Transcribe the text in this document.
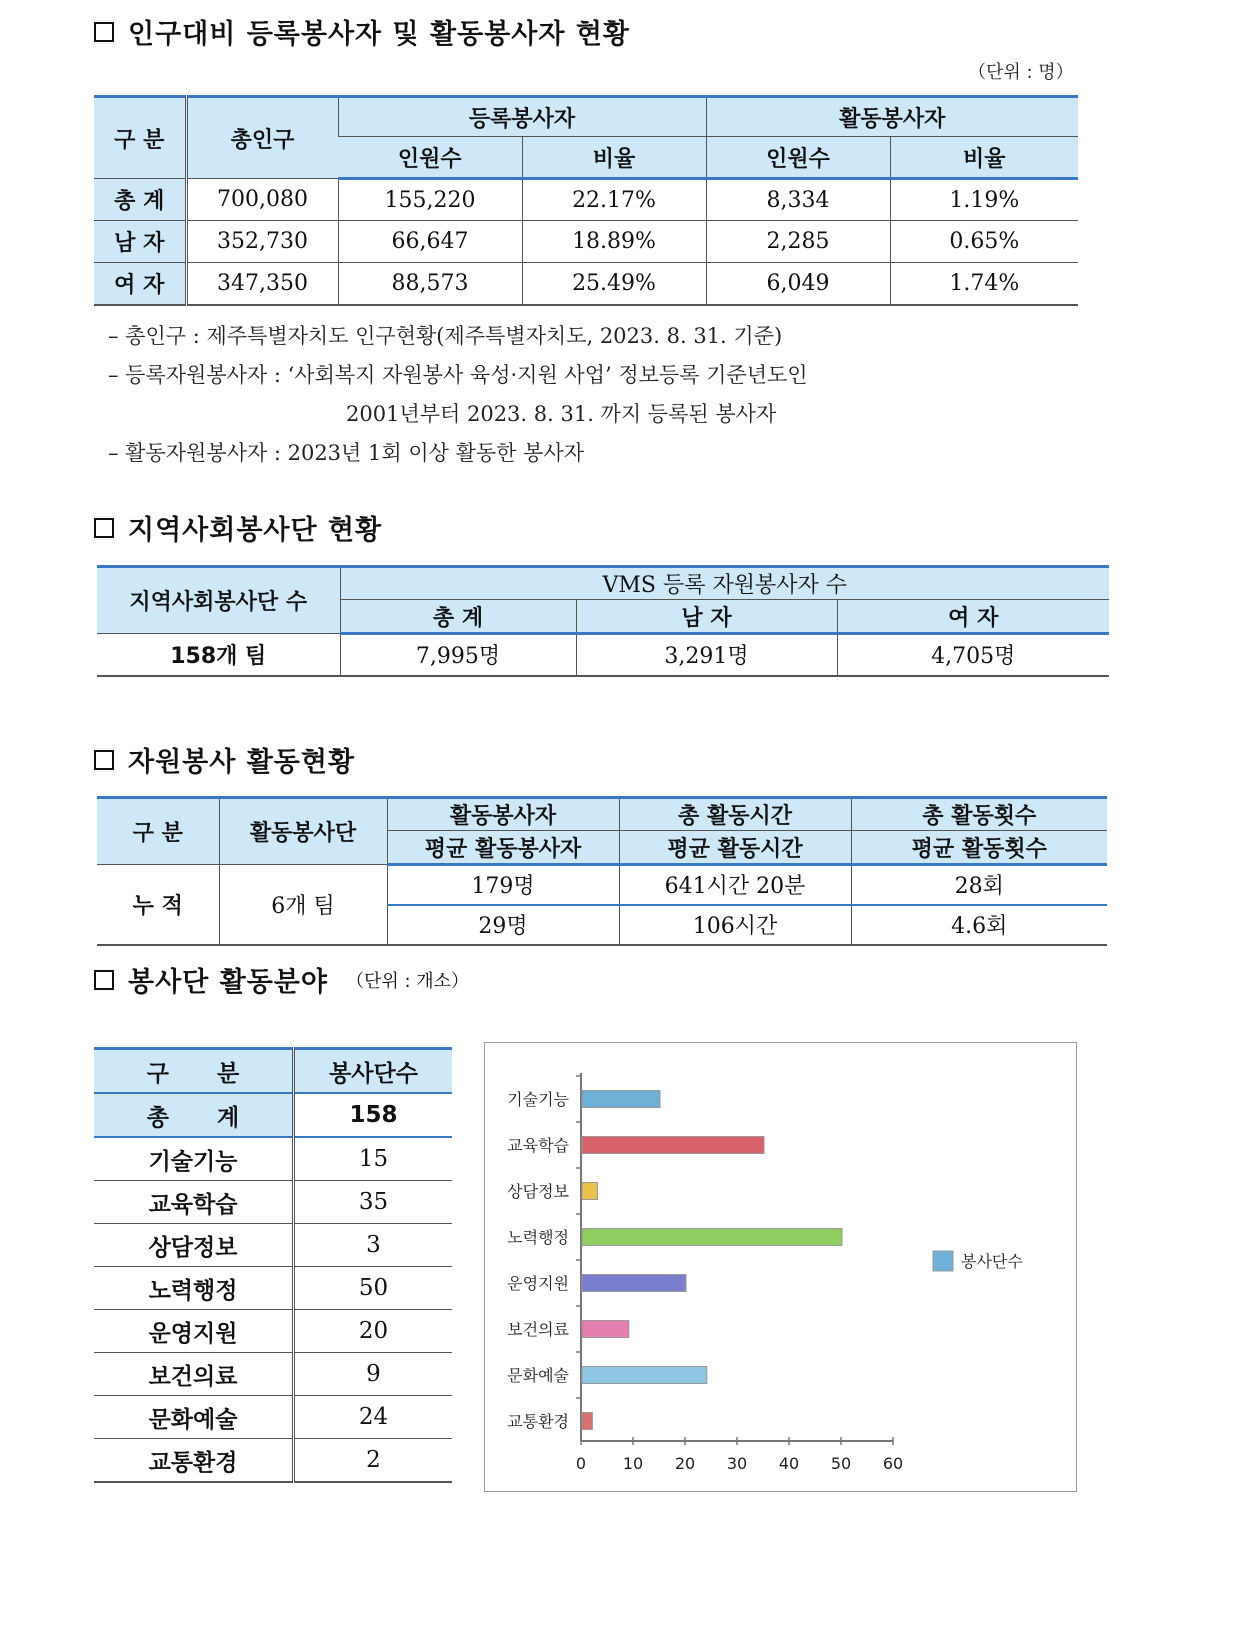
인구대비 등록봉사자 및 활동봉사자 현황
（단위 : 명）
구 분	총인구	등록봉사자		활동봉사자	
		인원수	비율	인원수	비율
총 계	700,080	155,220	22.17%	8,334	1.19%
남 자	352,730	66,647	18.89%	2,285	0.65%
여 자	347,350	88,573	25.49%	6,049	1.74%
– 총인구 : 제주특별자치도 인구현황(제주특별자치도, 2023. 8. 31. 기준)
– 등록자원봉사자 : ‘사회복지 자원봉사 육성·지원 사업’ 정보등록 기준년도인
2001년부터 2023. 8. 31. 까지 등록된 봉사자
– 활동자원봉사자 : 2023년 1회 이상 활동한 봉사자
지역사회봉사단 현황
지역사회봉사단 수	VMS 등록 자원봉사자 수		
	총 계	남 자	여 자
158개 팀	7,995명	3,291명	4,705명
자원봉사 활동현황
구 분	활동봉사단	활동봉사자	총 활동시간	총 활동횟수
		평균 활동봉사자	평균 활동시간	평균 활동횟수
누 적	6개 팀	179명	641시간 20분	28회
		29명	106시간	4.6회
봉사단 활동분야 （단위 : 개소）
구      분	봉사단수
총      계	158
기술기능	15
교육학습	35
상담정보	3
노력행정	50
운영지원	20
보건의료	9
문화예술	24
교통환경	2	0 10 20 30 40 50 60
기술기능
교육학습
상담정보
노력행정
운영지원
보건의료
문화예술
교통환경
봉사단수
